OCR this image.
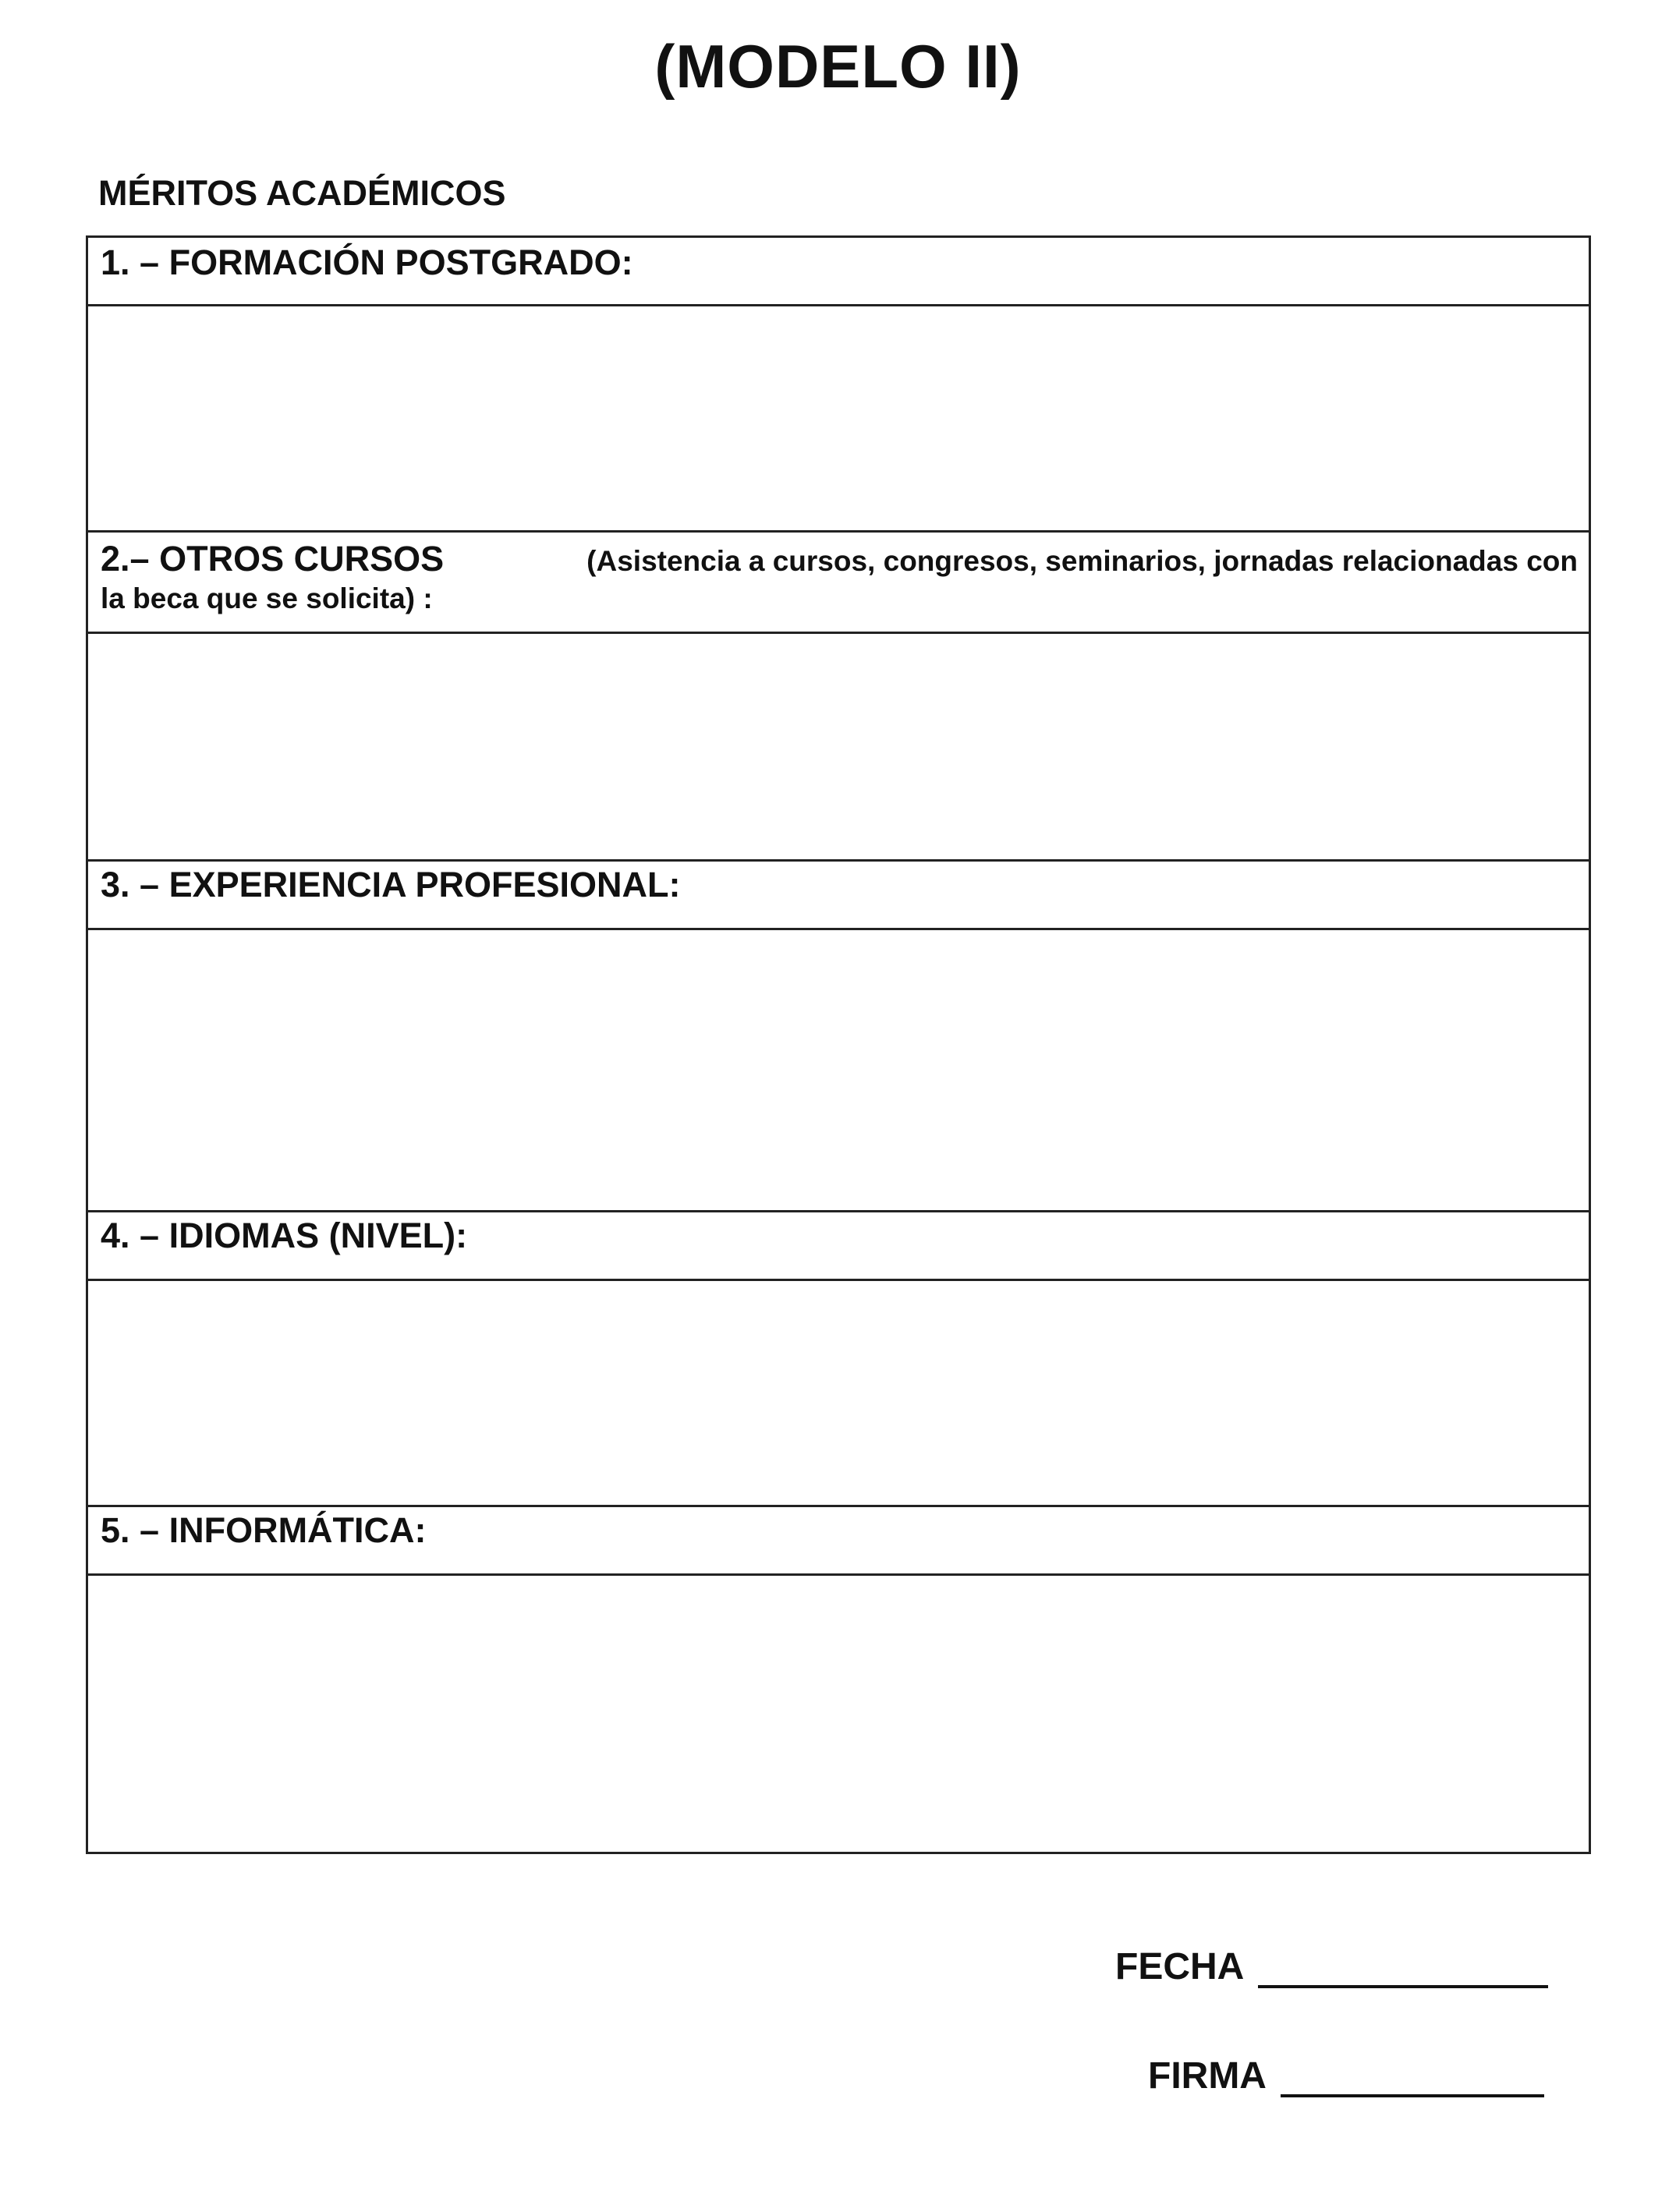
(MODELO II)
MÉRITOS ACADÉMICOS
1. – FORMACIÓN POSTGRADO:
2.– OTROS CURSOS	(Asistencia a cursos, congresos, seminarios, jornadas relacionadas con
la beca que se solicita) :
3. – EXPERIENCIA PROFESIONAL:
4. – IDIOMAS (NIVEL):
5. – INFORMÁTICA:
FECHA
FIRMA
